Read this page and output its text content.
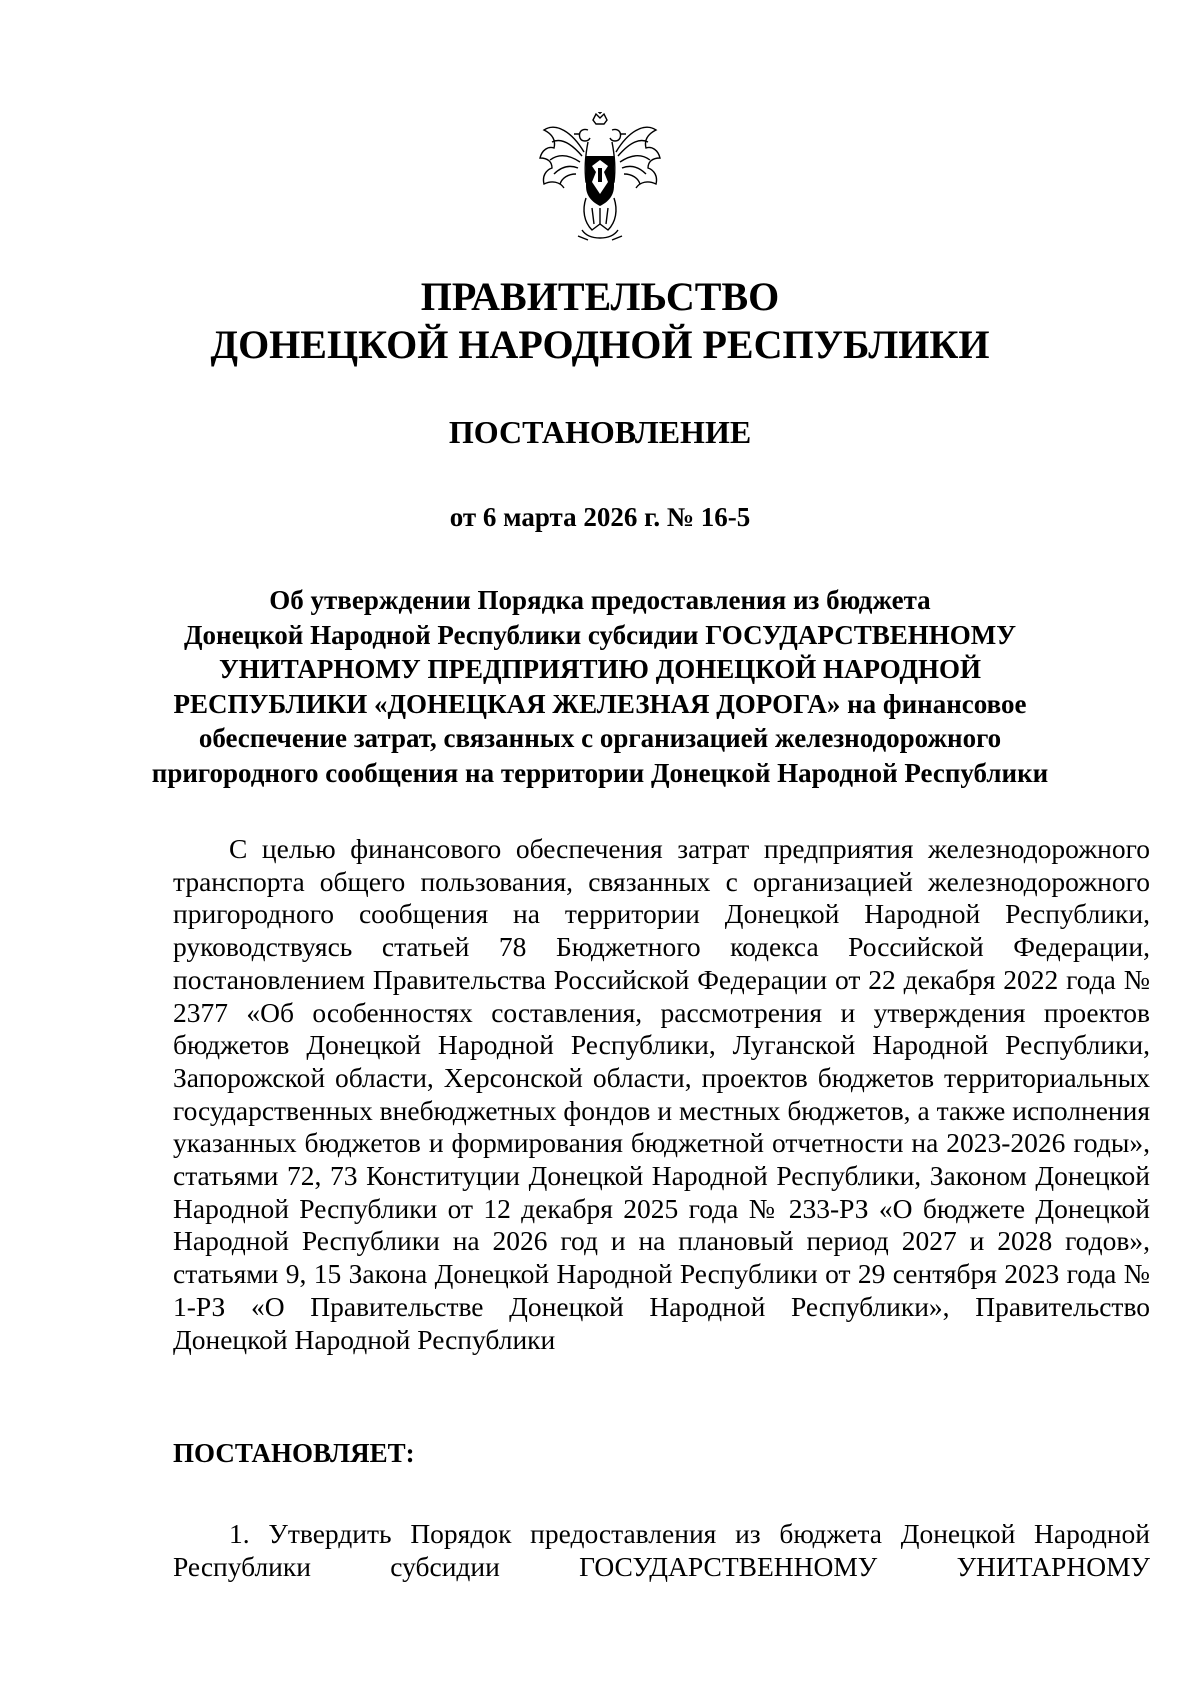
ПРАВИТЕЛЬСТВО
ДОНЕЦКОЙ НАРОДНОЙ РЕСПУБЛИКИ
ПОСТАНОВЛЕНИЕ
от 6 марта 2026 г. № 16-5
Об утверждении Порядка предоставления из бюджета
Донецкой Народной Республики субсидии ГОСУДАРСТВЕННОМУ
УНИТАРНОМУ ПРЕДПРИЯТИЮ ДОНЕЦКОЙ НАРОДНОЙ
РЕСПУБЛИКИ «ДОНЕЦКАЯ ЖЕЛЕЗНАЯ ДОРОГА» на финансовое
обеспечение затрат, связанных с организацией железнодорожного
пригородного сообщения на территории Донецкой Народной Республики

С целью финансового обеспечения затрат предприятия железнодорожного транспорта общего пользования, связанных с организацией железнодорожного пригородного сообщения на территории Донецкой Народной Республики, руководствуясь статьей 78 Бюджетного кодекса Российской Федерации, постановлением Правительства Российской Федерации от 22 декабря 2022 года № 2377 «Об особенностях составления, рассмотрения и утверждения проектов бюджетов Донецкой Народной Республики, Луганской Народной Республики, Запорожской области, Херсонской области, проектов бюджетов территориальных государственных внебюджетных фондов и местных бюджетов, а также исполнения указанных бюджетов и формирования бюджетной отчетности на 2023-2026 годы», статьями 72, 73 Конституции Донецкой Народной Республики, Законом Донецкой Народной Республики от 12 декабря 2025 года № 233-РЗ «О бюджете Донецкой Народной Республики на 2026 год и на плановый период 2027 и 2028 годов», статьями 9, 15 Закона Донецкой Народной Республики от 29 сентября 2023 года № 1-РЗ «О Правительстве Донецкой Народной Республики», Правительство Донецкой Народной Республики

ПОСТАНОВЛЯЕТ:

1. Утвердить Порядок предоставления из бюджета Донецкой Народной Республики субсидии ГОСУДАРСТВЕННОМУ УНИТАРНОМУ
